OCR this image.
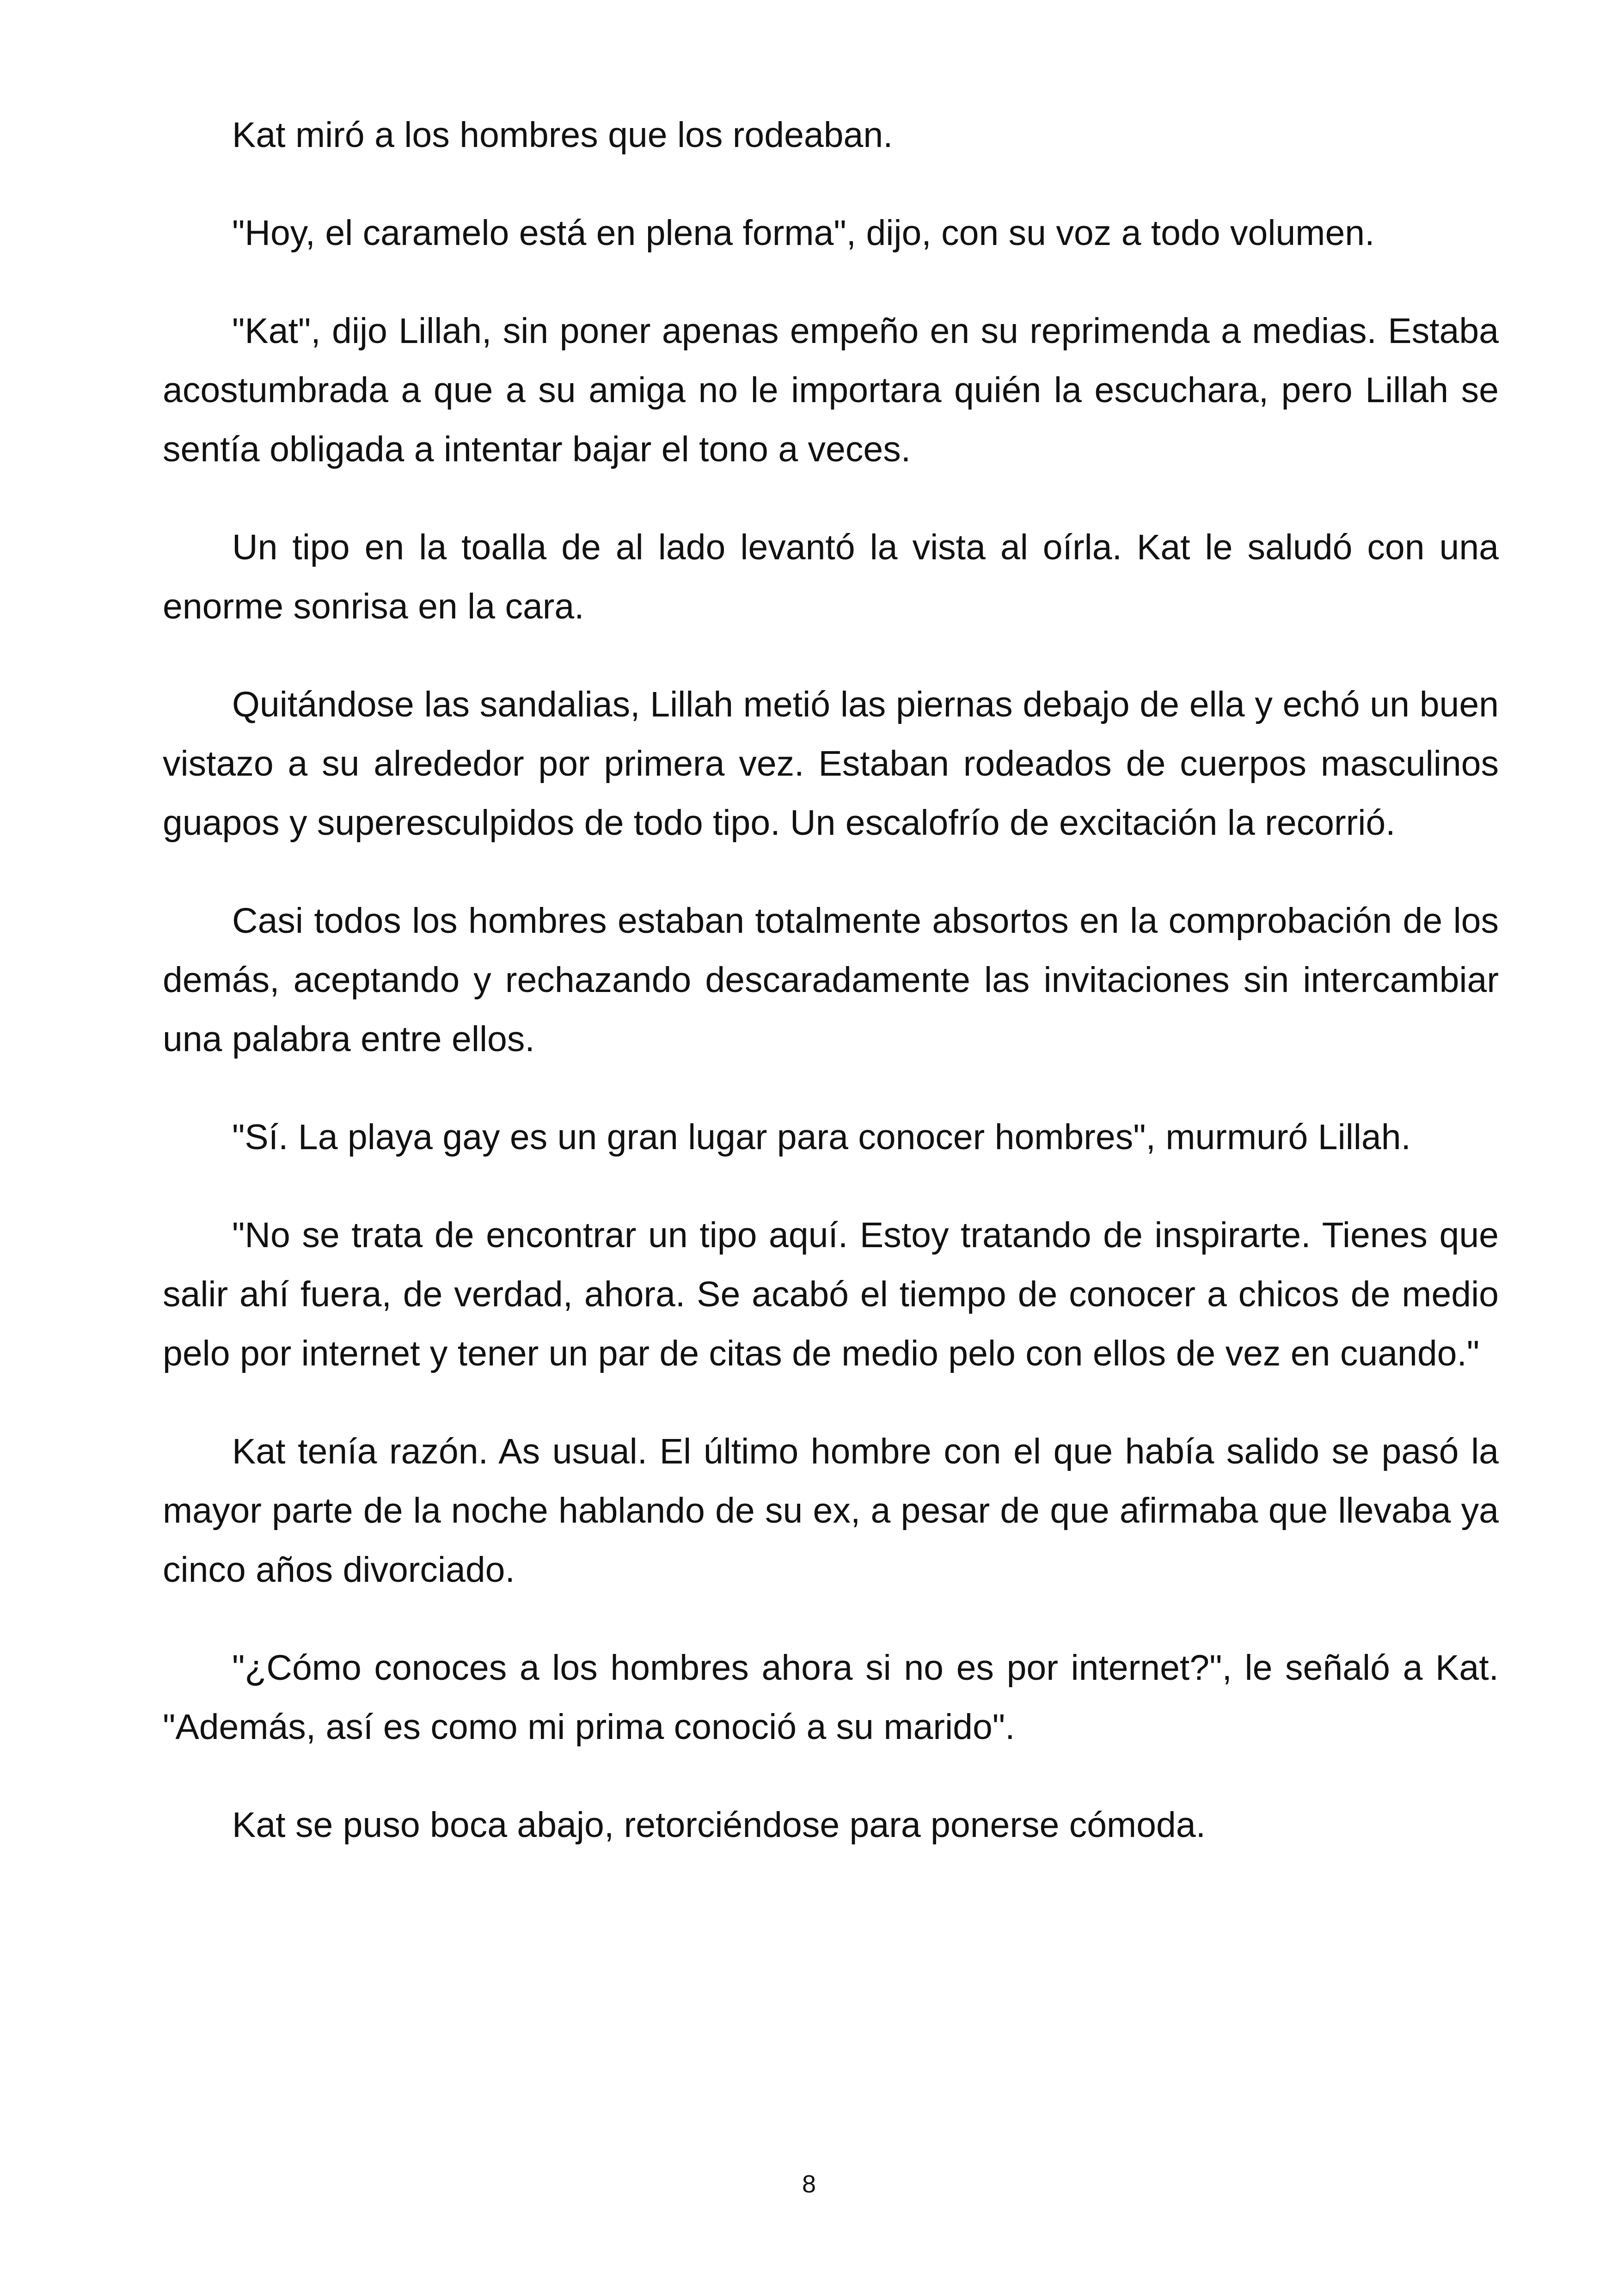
Kat miró a los hombres que los rodeaban.

"Hoy, el caramelo está en plena forma", dijo, con su voz a todo volumen.

"Kat", dijo Lillah, sin poner apenas empeño en su reprimenda a medias. Estaba acostumbrada a que a su amiga no le importara quién la escuchara, pero Lillah se sentía obligada a intentar bajar el tono a veces.

Un tipo en la toalla de al lado levantó la vista al oírla. Kat le saludó con una enorme sonrisa en la cara.

Quitándose las sandalias, Lillah metió las piernas debajo de ella y echó un buen vistazo a su alrededor por primera vez. Estaban rodeados de cuerpos masculinos guapos y superesculpidos de todo tipo. Un escalofrío de excitación la recorrió.

Casi todos los hombres estaban totalmente absortos en la comprobación de los demás, aceptando y rechazando descaradamente las invitaciones sin intercambiar una palabra entre ellos.

"Sí. La playa gay es un gran lugar para conocer hombres", murmuró Lillah.

"No se trata de encontrar un tipo aquí. Estoy tratando de inspirarte. Tienes que salir ahí fuera, de verdad, ahora. Se acabó el tiempo de conocer a chicos de medio pelo por internet y tener un par de citas de medio pelo con ellos de vez en cuando."

Kat tenía razón. As usual. El último hombre con el que había salido se pasó la mayor parte de la noche hablando de su ex, a pesar de que afirmaba que llevaba ya cinco años divorciado.

"¿Cómo conoces a los hombres ahora si no es por internet?", le señaló a Kat. "Además, así es como mi prima conoció a su marido".

Kat se puso boca abajo, retorciéndose para ponerse cómoda.

8
